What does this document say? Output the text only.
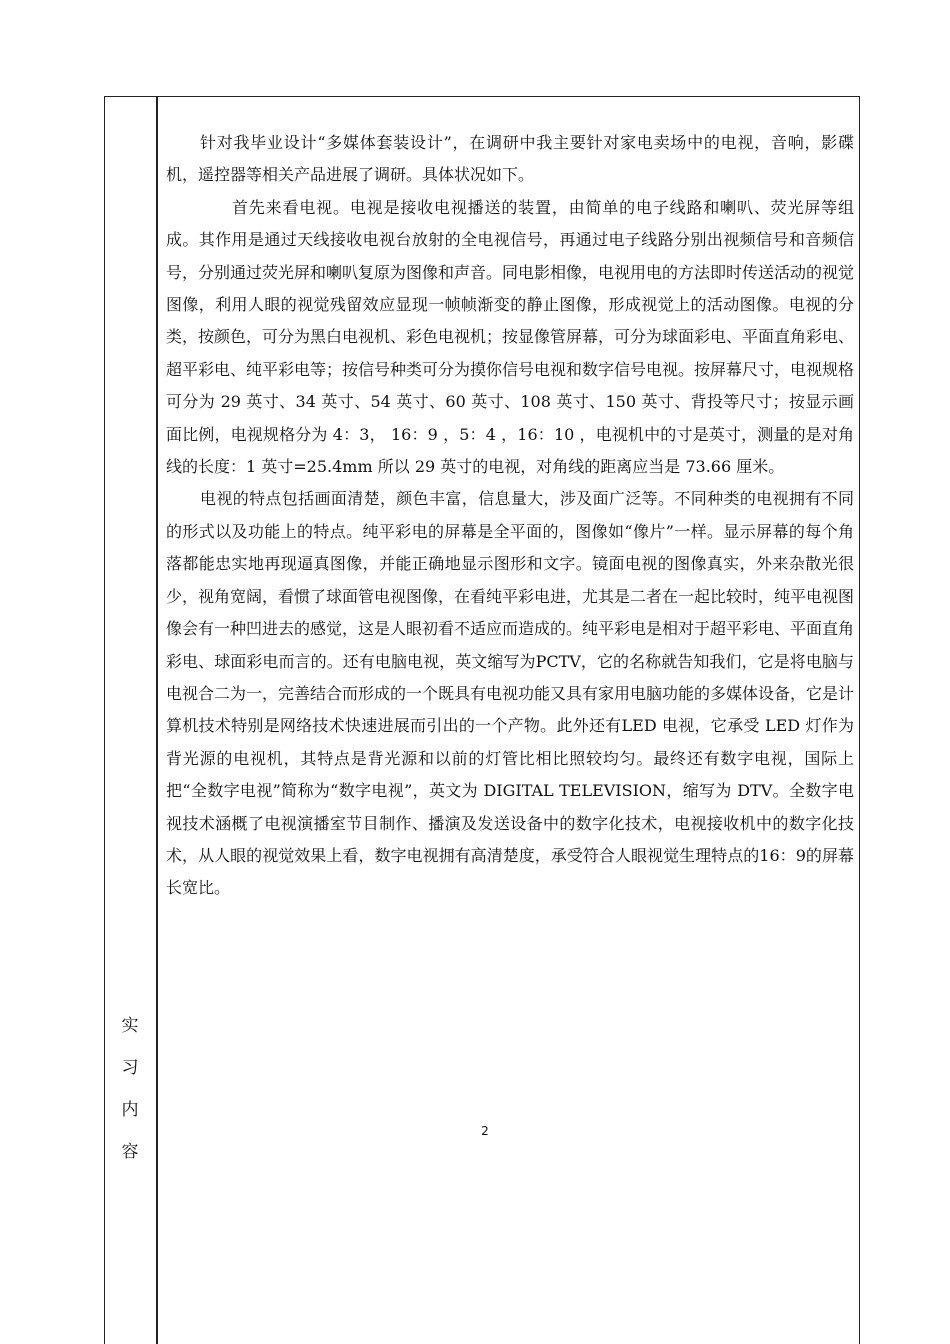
实
习
内
容

针对我毕业设计“多媒体套装设计”，在调研中我主要针对家电卖场中的电视，音响，影碟机，遥控器等相关产品进展了调研。具体状况如下。

首先来看电视。电视是接收电视播送的装置，由简单的电子线路和喇叭、荧光屏等组成。其作用是通过天线接收电视台放射的全电视信号，再通过电子线路分别出视频信号和音频信号，分别通过荧光屏和喇叭复原为图像和声音。同电影相像，电视用电的方法即时传送活动的视觉图像，利用人眼的视觉残留效应显现一帧帧渐变的静止图像，形成视觉上的活动图像。电视的分类，按颜色，可分为黑白电视机、彩色电视机；按显像管屏幕，可分为球面彩电、平面直角彩电、超平彩电、纯平彩电等；按信号种类可分为摸你信号电视和数字信号电视。按屏幕尺寸，电视规格可分为 29 英寸、34 英寸、54 英寸、60 英寸、108 英寸、150 英寸、背投等尺寸；按显示画面比例，电视规格分为 4：3， 16：9 ，5：4 ，16：10 ，电视机中的寸是英寸，测量的是对角线的长度：1 英寸=25.4mm 所以 29 英寸的电视，对角线的距离应当是 73.66 厘米。

电视的特点包括画面清楚，颜色丰富，信息量大，涉及面广泛等。不同种类的电视拥有不同的形式以及功能上的特点。纯平彩电的屏幕是全平面的，图像如“像片”一样。显示屏幕的每个角落都能忠实地再现逼真图像，并能正确地显示图形和文字。镜面电视的图像真实，外来杂散光很少，视角宽阔，看惯了球面管电视图像，在看纯平彩电进，尤其是二者在一起比较时，纯平电视图像会有一种凹进去的感觉，这是人眼初看不适应而造成的。纯平彩电是相对于超平彩电、平面直角彩电、球面彩电而言的。还有电脑电视，英文缩写为PCTV，它的名称就告知我们，它是将电脑与电视合二为一，完善结合而形成的一个既具有电视功能又具有家用电脑功能的多媒体设备，它是计算机技术特别是网络技术快速进展而引出的一个产物。此外还有LED 电视，它承受 LED 灯作为背光源的电视机，其特点是背光源和以前的灯管比相比照较均匀。最终还有数字电视，国际上把“全数字电视”简称为“数字电视”，英文为 DIGITAL TELEVISION，缩写为 DTV。全数字电视技术涵概了电视演播室节目制作、播演及发送设备中的数字化技术，电视接收机中的数字化技术，从人眼的视觉效果上看，数字电视拥有高清楚度，承受符合人眼视觉生理特点的16：9的屏幕长宽比。

2
